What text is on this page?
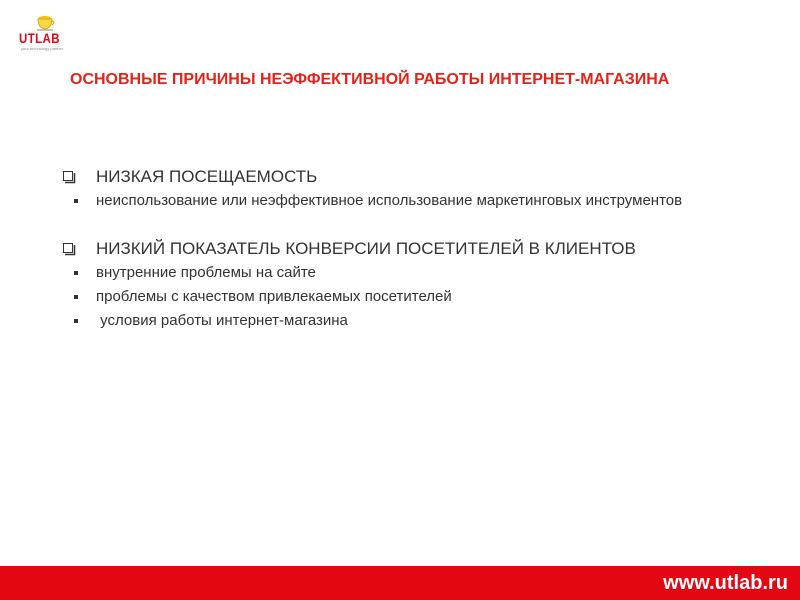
UTLAB
your technology partner
ОСНОВНЫЕ ПРИЧИНЫ НЕЭФФЕКТИВНОЙ РАБОТЫ ИНТЕРНЕТ-МАГАЗИНА
НИЗКАЯ ПОСЕЩАЕМОСТЬ
неиспользование или неэффективное использование маркетинговых инструментов
НИЗКИЙ ПОКАЗАТЕЛЬ КОНВЕРСИИ ПОСЕТИТЕЛЕЙ В КЛИЕНТОВ
внутренние проблемы на сайте
проблемы с качеством привлекаемых посетителей
условия работы интернет-магазина
www.utlab.ru
